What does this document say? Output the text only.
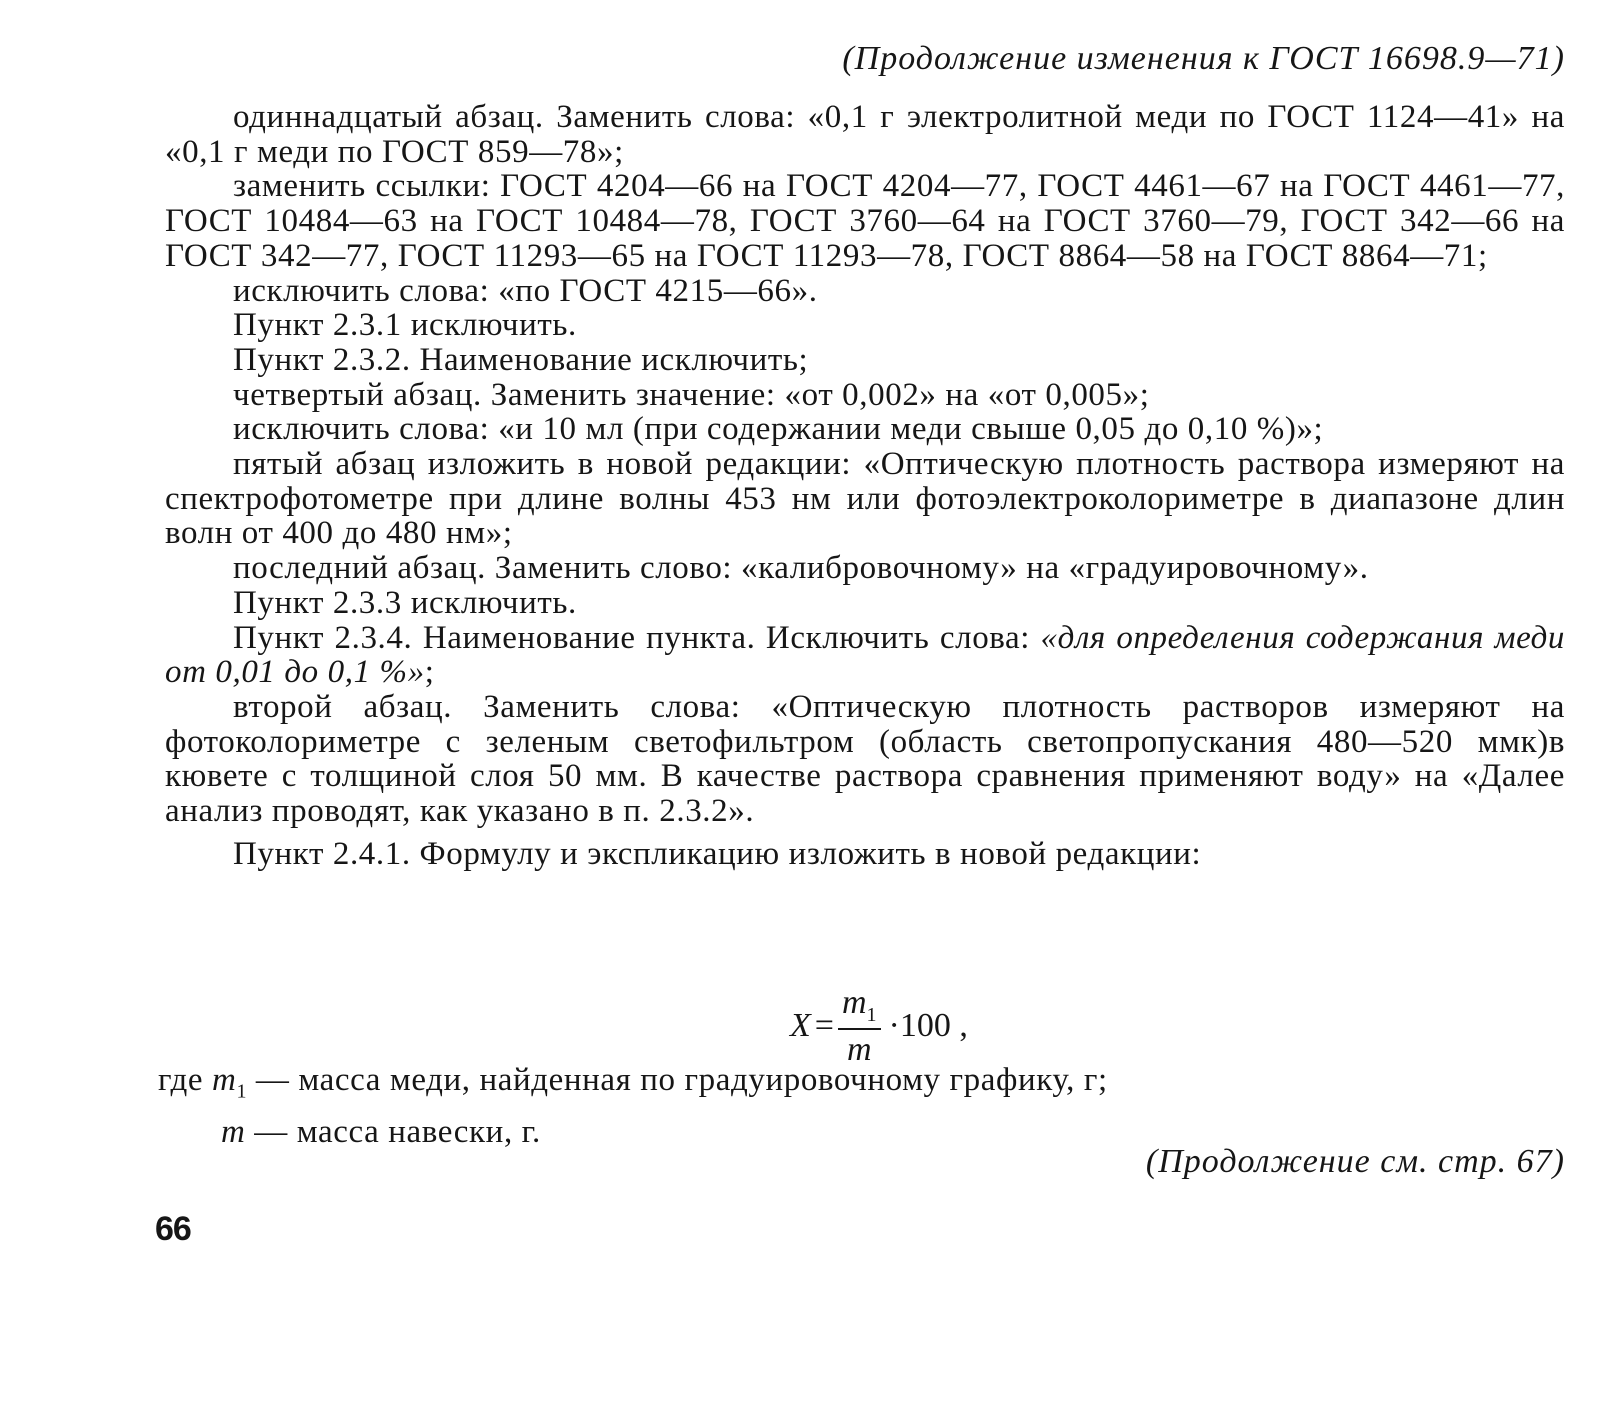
(Продолжение изменения к ГОСТ 16698.9—71)

одиннадцатый абзац. Заменить слова: «0,1 г электролитной меди по ГОСТ 1124—41» на «0,1 г меди по ГОСТ 859—78»;

заменить ссылки: ГОСТ 4204—66 на ГОСТ 4204—77, ГОСТ 4461—67 на ГОСТ 4461—77, ГОСТ 10484—63 на ГОСТ 10484—78, ГОСТ 3760—64 на ГОСТ 3760—79, ГОСТ 342—66 на ГОСТ 342—77, ГОСТ 11293—65 на ГОСТ 11293—78, ГОСТ 8864—58 на ГОСТ 8864—71;

исключить слова: «по ГОСТ 4215—66».

Пункт 2.3.1 исключить.

Пункт 2.3.2. Наименование исключить;

четвертый абзац. Заменить значение: «от 0,002» на «от 0,005»;

исключить слова: «и 10 мл (при содержании меди свыше 0,05 до 0,10 %)»;

пятый абзац изложить в новой редакции: «Оптическую плотность раствора измеряют на спектрофотометре при длине волны 453 нм или фотоэлектроколориметре в диапазоне длин волн от 400 до 480 нм»;

последний абзац. Заменить слово: «калибровочному» на «градуировочному».

Пункт 2.3.3 исключить.

Пункт 2.3.4. Наименование пункта. Исключить слова: «для определения содержания меди от 0,01 до 0,1 %»;

второй абзац. Заменить слова: «Оптическую плотность растворов измеряют на фотоколориметре с зеленым светофильтром (область светопропускания 480—520 ммк)в кювете с толщиной слоя 50 мм. В качестве раствора сравнения применяют воду» на «Далее анализ проводят, как указано в п. 2.3.2».

Пункт 2.4.1. Формулу и экспликацию изложить в новой редакции:

$X = \frac{m_1}{m} \cdot 100$ ,
где $m_1$ — масса меди, найденная по градуировочному графику, г;
m — масса навески, г.
(Продолжение см. стр. 67)
66
